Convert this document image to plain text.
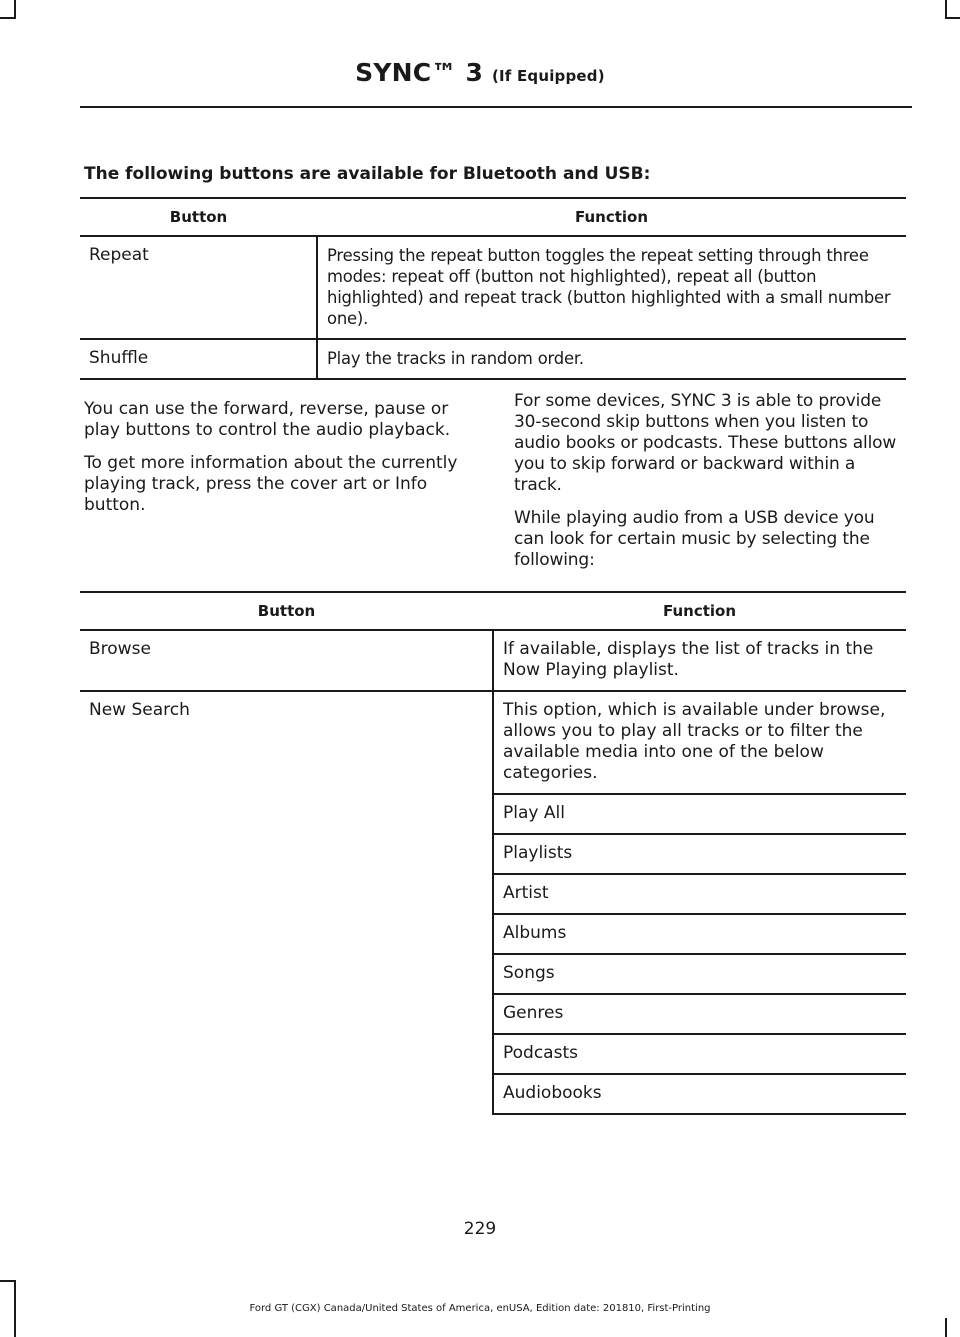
SYNC™ 3 (If Equipped)
The following buttons are available for Bluetooth and USB:
Button	Function
Repeat	Pressing the repeat button toggles the repeat setting through three modes: repeat off (button not highlighted), repeat all (button highlighted) and repeat track (button highlighted with a small number one).
Shuffle	Play the tracks in random order.

You can use the forward, reverse, pause or play buttons to control the audio playback.

To get more information about the currently playing track, press the cover art or Info button.

For some devices, SYNC 3 is able to provide 30-second skip buttons when you listen to audio books or podcasts. These buttons allow you to skip forward or backward within a track.

While playing audio from a USB device you can look for certain music by selecting the following:

Button	Function
Browse	If available, displays the list of tracks in the Now Playing playlist.
New Search	This option, which is available under browse, allows you to play all tracks or to filter the available media into one of the below categories.
	Play All
	Playlists
	Artist
	Albums
	Songs
	Genres
	Podcasts
	Audiobooks
229
Ford GT (CGX) Canada/United States of America, enUSA, Edition date: 201810, First-Printing
